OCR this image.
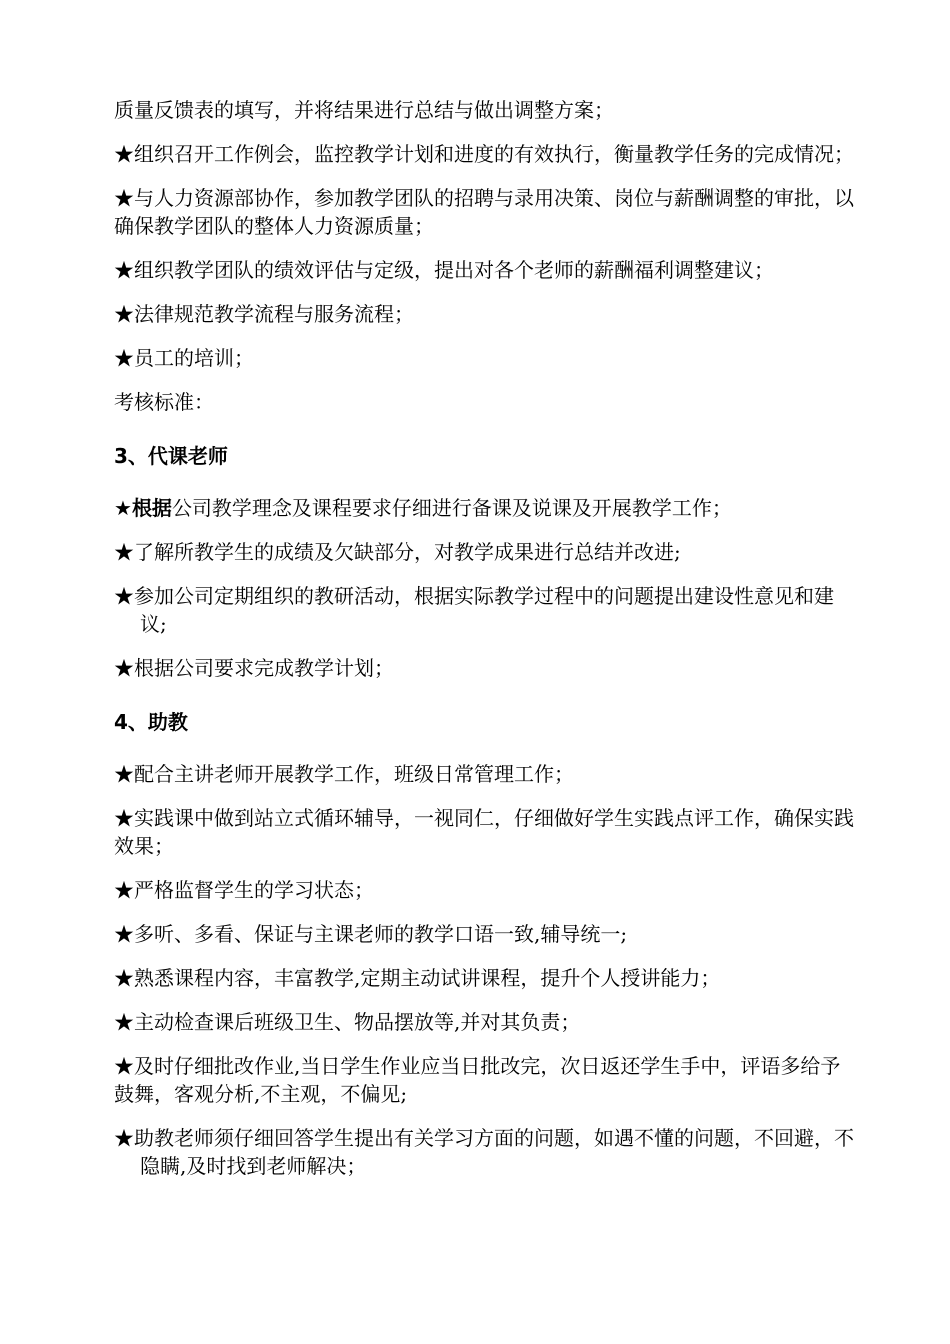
质量反馈表的填写，并将结果进行总结与做出调整方案；

★组织召开工作例会，监控教学计划和进度的有效执行，衡量教学任务的完成情况；

★与人力资源部协作，参加教学团队的招聘与录用决策、岗位与薪酬调整的审批，以确保教学团队的整体人力资源质量；

★组织教学团队的绩效评估与定级，提出对各个老师的薪酬福利调整建议；

★法律规范教学流程与服务流程；

★员工的培训；

考核标准：

3、代课老师

★根据公司教学理念及课程要求仔细进行备课及说课及开展教学工作；

★了解所教学生的成绩及欠缺部分，对教学成果进行总结并改进;

★参加公司定期组织的教研活动，根据实际教学过程中的问题提出建设性意见和建议;

★根据公司要求完成教学计划；

4、助教

★配合主讲老师开展教学工作，班级日常管理工作；

★实践课中做到站立式循环辅导，一视同仁，仔细做好学生实践点评工作，确保实践效果；

★严格监督学生的学习状态；

★多听、多看、保证与主课老师的教学口语一致,辅导统一;

★熟悉课程内容，丰富教学,定期主动试讲课程，提升个人授讲能力；

★主动检查课后班级卫生、物品摆放等,并对其负责；

★及时仔细批改作业,当日学生作业应当日批改完，次日返还学生手中，评语多给予鼓舞，客观分析,不主观，不偏见;

★助教老师须仔细回答学生提出有关学习方面的问题，如遇不懂的问题，不回避，不隐瞒,及时找到老师解决；
